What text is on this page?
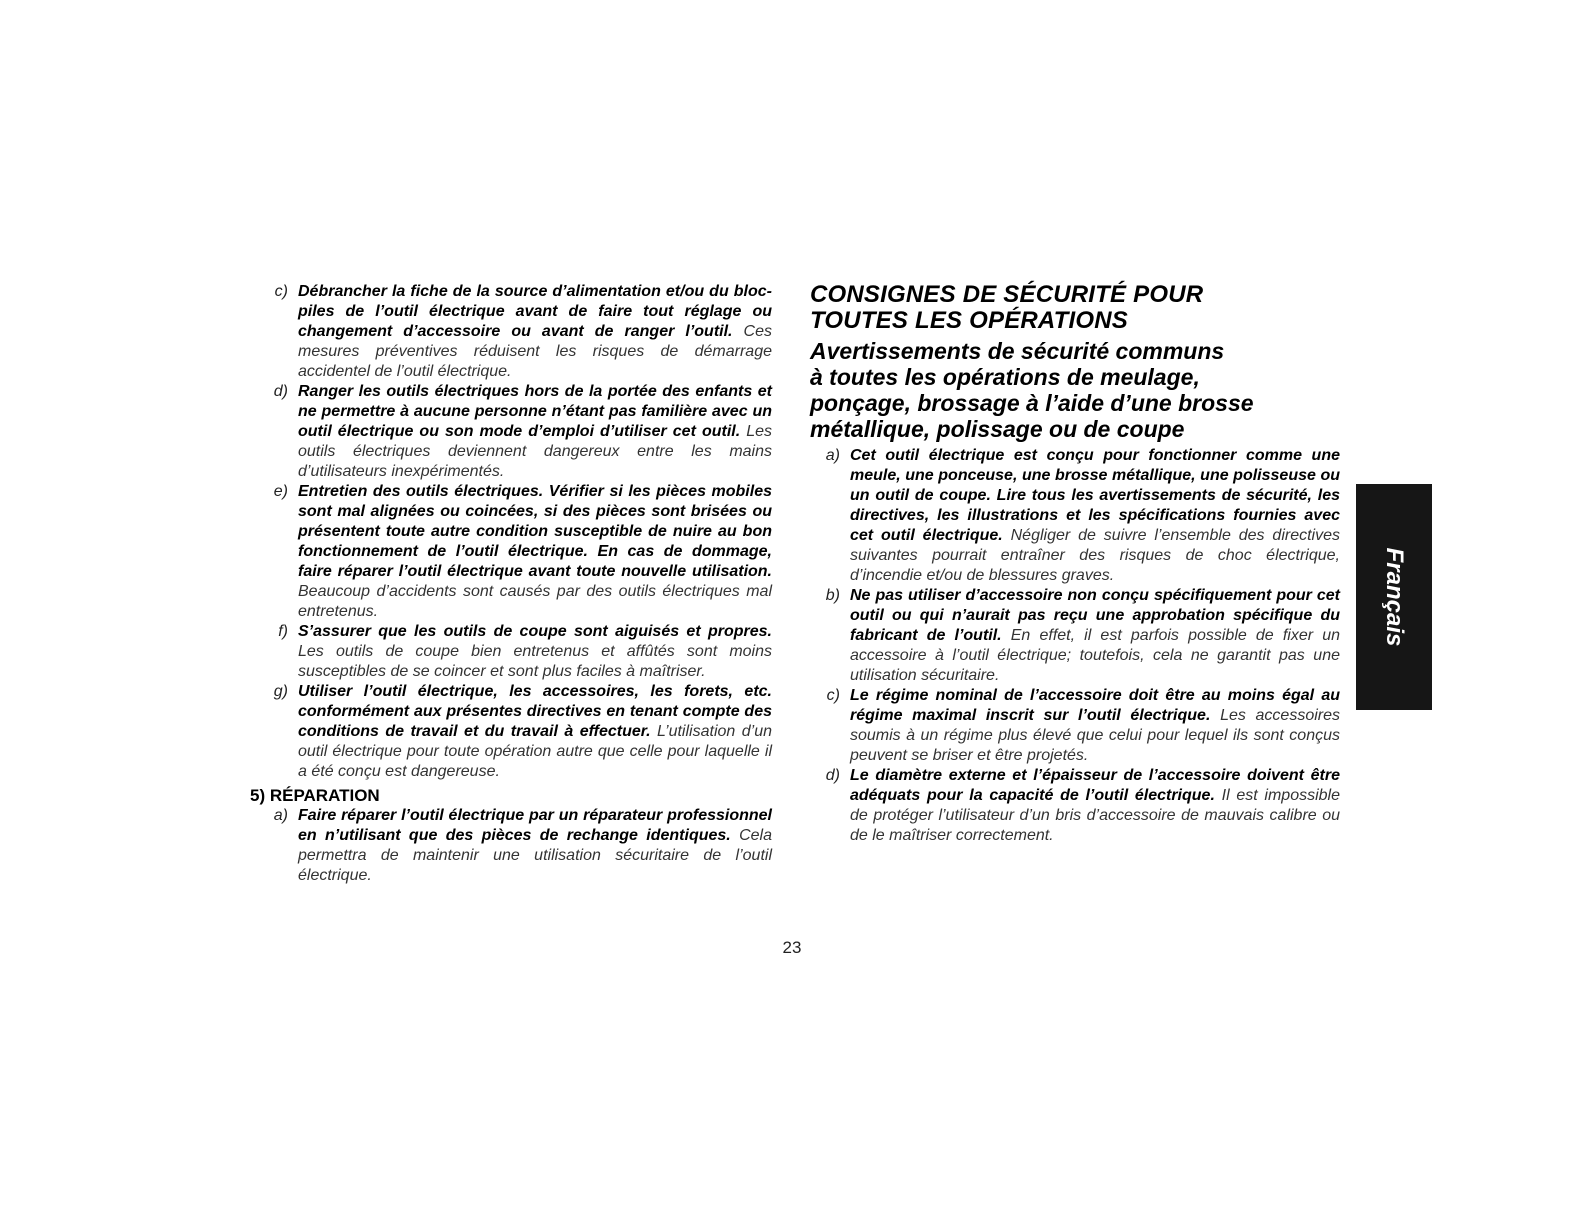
c) Débrancher la fiche de la source d’alimentation et/ou du bloc-piles de l’outil électrique avant de faire tout réglage ou changement d’accessoire ou avant de ranger l’outil. Ces mesures préventives réduisent les risques de démarrage accidentel de l’outil électrique.
d) Ranger les outils électriques hors de la portée des enfants et ne permettre à aucune personne n’étant pas familière avec un outil électrique ou son mode d’emploi d’utiliser cet outil. Les outils électriques deviennent dangereux entre les mains d’utilisateurs inexpérimentés.
e) Entretien des outils électriques. Vérifier si les pièces mobiles sont mal alignées ou coincées, si des pièces sont brisées ou présentent toute autre condition susceptible de nuire au bon fonctionnement de l’outil électrique. En cas de dommage, faire réparer l’outil électrique avant toute nouvelle utilisation. Beaucoup d’accidents sont causés par des outils électriques mal entretenus.
f) S’assurer que les outils de coupe sont aiguisés et propres. Les outils de coupe bien entretenus et affûtés sont moins susceptibles de se coincer et sont plus faciles à maîtriser.
g) Utiliser l’outil électrique, les accessoires, les forets, etc. conformément aux présentes directives en tenant compte des conditions de travail et du travail à effectuer. L’utilisation d’un outil électrique pour toute opération autre que celle pour laquelle il a été conçu est dangereuse.
5) RÉPARATION
a) Faire réparer l’outil électrique par un réparateur professionnel en n’utilisant que des pièces de rechange identiques. Cela permettra de maintenir une utilisation sécuritaire de l’outil électrique.
CONSIGNES DE SÉCURITÉ POUR
TOUTES LES OPÉRATIONS
Avertissements de sécurité communs
à toutes les opérations de meulage,
ponçage, brossage à l’aide d’une brosse
métallique, polissage ou de coupe
a) Cet outil électrique est conçu pour fonctionner comme une meule, une ponceuse, une brosse métallique, une polisseuse ou un outil de coupe. Lire tous les avertissements de sécurité, les directives, les illustrations et les spécifications fournies avec cet outil électrique. Négliger de suivre l’ensemble des directives suivantes pourrait entraîner des risques de choc électrique, d’incendie et/ou de blessures graves.
b) Ne pas utiliser d’accessoire non conçu spécifiquement pour cet outil ou qui n’aurait pas reçu une approbation spécifique du fabricant de l’outil. En effet, il est parfois possible de fixer un accessoire à l’outil électrique; toutefois, cela ne garantit pas une utilisation sécuritaire.
c) Le régime nominal de l’accessoire doit être au moins égal au régime maximal inscrit sur l’outil électrique. Les accessoires soumis à un régime plus élevé que celui pour lequel ils sont conçus peuvent se briser et être projetés.
d) Le diamètre externe et l’épaisseur de l’accessoire doivent être adéquats pour la capacité de l’outil électrique. Il est impossible de protéger l’utilisateur d’un bris d’accessoire de mauvais calibre ou de le maîtriser correctement.
Français
23
